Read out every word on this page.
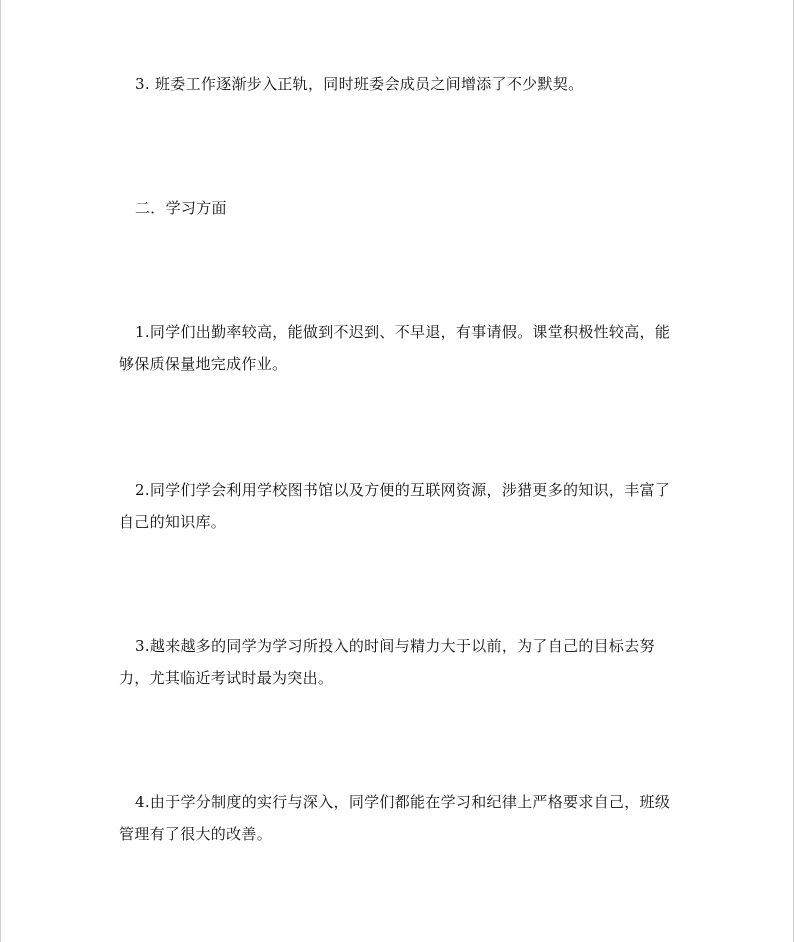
3. 班委工作逐渐步入正轨，同时班委会成员之间增添了不少默契。

二．学习方面

1.同学们出勤率较高，能做到不迟到、不早退，有事请假。课堂积极性较高，能够保质保量地完成作业。

2.同学们学会利用学校图书馆以及方便的互联网资源，涉猎更多的知识，丰富了自己的知识库。

3.越来越多的同学为学习所投入的时间与精力大于以前，为了自己的目标去努力，尤其临近考试时最为突出。

4.由于学分制度的实行与深入，同学们都能在学习和纪律上严格要求自己，班级管理有了很大的改善。
